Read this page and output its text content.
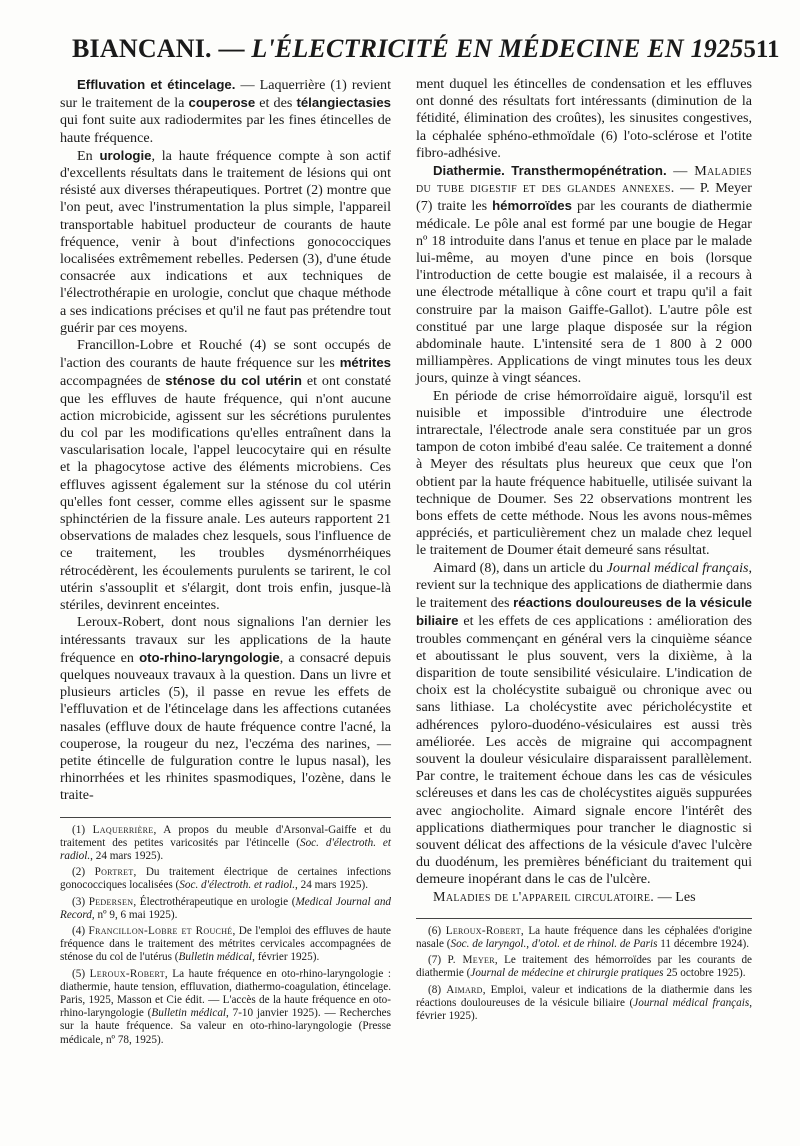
BIANCANI. — L'ÉLECTRICITÉ EN MÉDECINE EN 1925 511

Effluvation et étincelage. — Laquerrière (1) revient sur le traitement de la couperose et des télangiectasies qui font suite aux radiodermites par les fines étincelles de haute fréquence.

En urologie, la haute fréquence compte à son actif d'excellents résultats dans le traitement de lésions qui ont résisté aux diverses thérapeutiques. Portret (2) montre que l'on peut, avec l'instrumentation la plus simple, l'appareil transportable habituel producteur de courants de haute fréquence, venir à bout d'infections gonococciques localisées extrêmement rebelles. Pedersen (3), d'une étude consacrée aux indications et aux techniques de l'électrothérapie en urologie, conclut que chaque méthode a ses indications précises et qu'il ne faut pas prétendre tout guérir par ces moyens.

Francillon-Lobre et Rouché (4) se sont occupés de l'action des courants de haute fréquence sur les métrites accompagnées de sténose du col utérin et ont constaté que les effluves de haute fréquence, qui n'ont aucune action microbicide, agissent sur les sécrétions purulentes du col par les modifications qu'elles entraînent dans la vascularisation locale, l'appel leucocytaire qui en résulte et la phagocytose active des éléments microbiens. Ces effluves agissent également sur la sténose du col utérin qu'elles font cesser, comme elles agissent sur le spasme sphinctérien de la fissure anale. Les auteurs rapportent 21 observations de malades chez lesquels, sous l'influence de ce traitement, les troubles dysménorrhéiques rétrocédèrent, les écoulements purulents se tarirent, le col utérin s'assouplit et s'élargit, dont trois enfin, jusque-là stériles, devinrent enceintes.

Leroux-Robert, dont nous signalions l'an dernier les intéressants travaux sur les applications de la haute fréquence en oto-rhino-laryngologie, a consacré depuis quelques nouveaux travaux à la question. Dans un livre et plusieurs articles (5), il passe en revue les effets de l'effluvation et de l'étincelage dans les affections cutanées nasales (effluve doux de haute fréquence contre l'acné, la couperose, la rougeur du nez, l'eczéma des narines, — petite étincelle de fulguration contre le lupus nasal), les rhinorrhées et les rhinites spasmodiques, l'ozène, dans le traite-

(1) Laquerrière, A propos du meuble d'Arsonval-Gaiffe et du traitement des petites varicosités par l'étincelle (Soc. d'électroth. et radiol., 24 mars 1925).

(2) Portret, Du traitement électrique de certaines infections gonococciques localisées (Soc. d'électroth. et radiol., 24 mars 1925).

(3) Pedersen, Électrothérapeutique en urologie (Medical Journal and Record, nº 9, 6 mai 1925).

(4) Francillon-Lobre et Rouché, De l'emploi des effluves de haute fréquence dans le traitement des métrites cervicales accompagnées de sténose du col de l'utérus (Bulletin médical, février 1925).

(5) Leroux-Robert, La haute fréquence en oto-rhino-laryngologie : diathermie, haute tension, effluvation, diathermo-coagulation, étincelage. Paris, 1925, Masson et Cie édit. — L'accès de la haute fréquence en oto-rhino-laryngologie (Bulletin médical, 7-10 janvier 1925). — Recherches sur la haute fréquence. Sa valeur en oto-rhino-laryngologie (Presse médicale, nº 78, 1925).

ment duquel les étincelles de condensation et les effluves ont donné des résultats fort intéressants (diminution de la fétidité, élimination des croûtes), les sinusites congestives, la céphalée sphéno-ethmoïdale (6) l'oto-sclérose et l'otite fibro-adhésive.

Diathermie. Transthermopénétration. — Maladies du tube digestif et des glandes annexes. — P. Meyer (7) traite les hémorroïdes par les courants de diathermie médicale. Le pôle anal est formé par une bougie de Hegar nº 18 introduite dans l'anus et tenue en place par le malade lui-même, au moyen d'une pince en bois (lorsque l'introduction de cette bougie est malaisée, il a recours à une électrode métallique à cône court et trapu qu'il a fait construire par la maison Gaiffe-Gallot). L'autre pôle est constitué par une large plaque disposée sur la région abdominale haute. L'intensité sera de 1 800 à 2 000 milliampères. Applications de vingt minutes tous les deux jours, quinze à vingt séances.

En période de crise hémorroïdaire aiguë, lorsqu'il est nuisible et impossible d'introduire une électrode intrarectale, l'électrode anale sera constituée par un gros tampon de coton imbibé d'eau salée. Ce traitement a donné à Meyer des résultats plus heureux que ceux que l'on obtient par la haute fréquence habituelle, utilisée suivant la technique de Doumer. Ses 22 observations montrent les bons effets de cette méthode. Nous les avons nous-mêmes appréciés, et particulièrement chez un malade chez lequel le traitement de Doumer était demeuré sans résultat.

Aimard (8), dans un article du Journal médical français, revient sur la technique des applications de diathermie dans le traitement des réactions douloureuses de la vésicule biliaire et les effets de ces applications : amélioration des troubles commençant en général vers la cinquième séance et aboutissant le plus souvent, vers la dixième, à la disparition de toute sensibilité vésiculaire. L'indication de choix est la cholécystite subaiguë ou chronique avec ou sans lithiase. La cholécystite avec péricholécystite et adhérences pyloro-duodéno-vésiculaires est aussi très améliorée. Les accès de migraine qui accompagnent souvent la douleur vésiculaire disparaissent parallèlement. Par contre, le traitement échoue dans les cas de vésicules scléreuses et dans les cas de cholécystites aiguës suppurées avec angiocholite. Aimard signale encore l'intérêt des applications diathermiques pour trancher le diagnostic si souvent délicat des affections de la vésicule d'avec l'ulcère du duodénum, les premières bénéficiant du traitement qui demeure inopérant dans le cas de l'ulcère.

Maladies de l'appareil circulatoire. — Les

(6) Leroux-Robert, La haute fréquence dans les céphalées d'origine nasale (Soc. de laryngol., d'otol. et de rhinol. de Paris 11 décembre 1924).

(7) P. Meyer, Le traitement des hémorroïdes par les courants de diathermie (Journal de médecine et chirurgie pratiques 25 octobre 1925).

(8) Aimard, Emploi, valeur et indications de la diathermie dans les réactions douloureuses de la vésicule biliaire (Journal médical français, février 1925).
